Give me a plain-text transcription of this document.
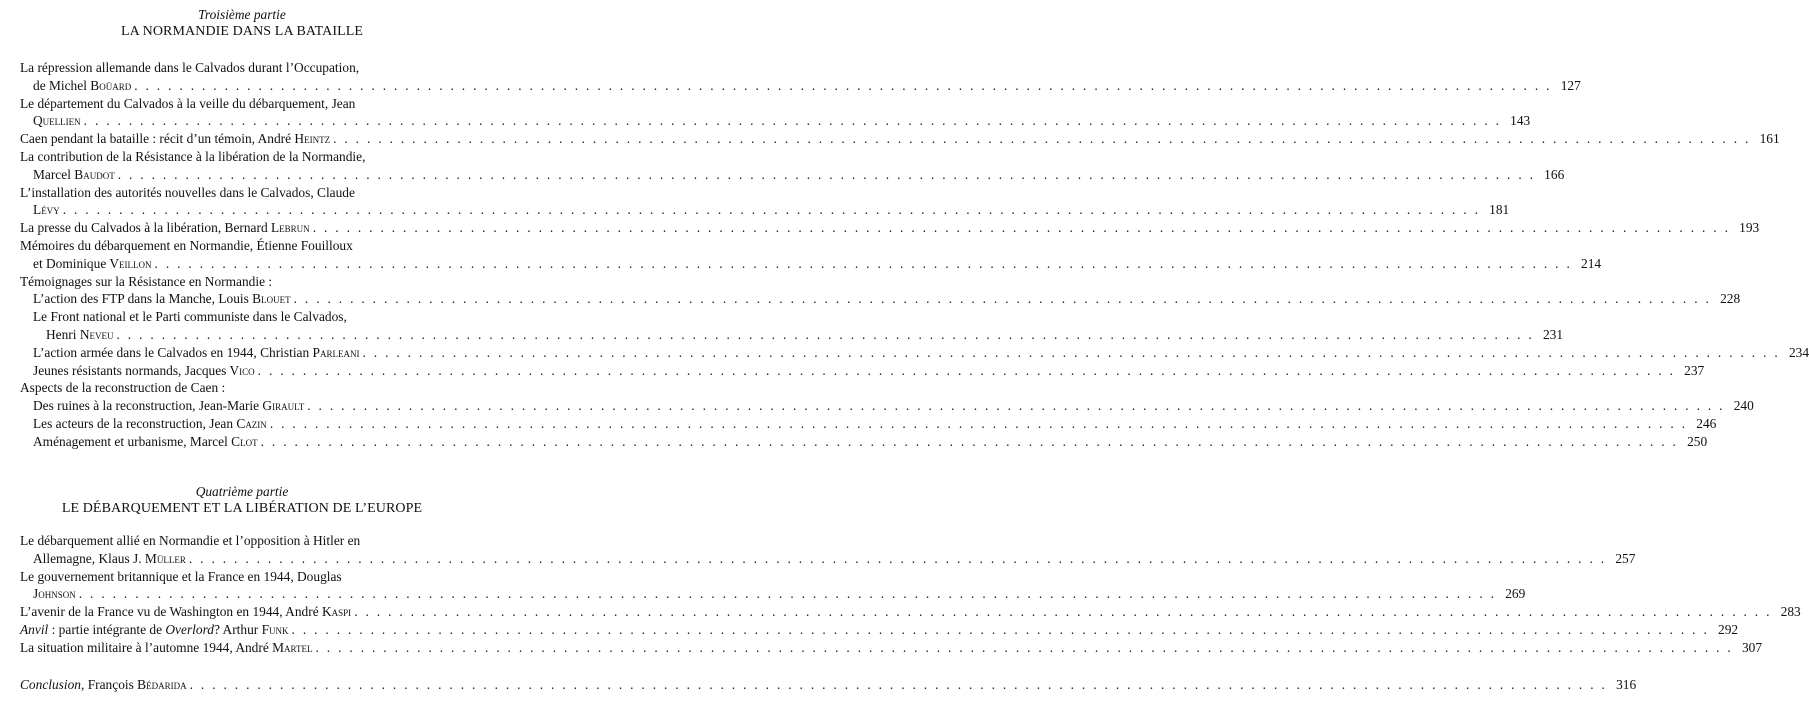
Troisième partie
LA NORMANDIE DANS LA BATAILLE
La répression allemande dans le Calvados durant l’Occupation,
de Michel Boüard . . .	127
Le département du Calvados à la veille du débarquement, Jean
Quellien . . .	143
Caen pendant la bataille : récit d’un témoin, André Heintz . . .	161
La contribution de la Résistance à la libération de la Normandie,
Marcel Baudot . . .	166
L’installation des autorités nouvelles dans le Calvados, Claude
Lévy . . .	181
La presse du Calvados à la libération, Bernard Lebrun . . .	193
Mémoires du débarquement en Normandie, Étienne Fouilloux
et Dominique Veillon . . .	214
Témoignages sur la Résistance en Normandie :
L’action des FTP dans la Manche, Louis Blouet . . .	228
Le Front national et le Parti communiste dans le Calvados,
Henri Neveu . . .	231
L’action armée dans le Calvados en 1944, Christian Parleani . . .	234
Jeunes résistants normands, Jacques Vico . . .	237
Aspects de la reconstruction de Caen :
Des ruines à la reconstruction, Jean-Marie Girault . . .	240
Les acteurs de la reconstruction, Jean Cazin . . .	246
Aménagement et urbanisme, Marcel Clot . . .	250
Quatrième partie
LE DÉBARQUEMENT ET LA LIBÉRATION DE L’EUROPE
Le débarquement allié en Normandie et l’opposition à Hitler en
Allemagne, Klaus J. Müller . . .	257
Le gouvernement britannique et la France en 1944, Douglas
Johnson . . .	269
L’avenir de la France vu de Washington en 1944, André Kaspi . . .	283
Anvil : partie intégrante de Overlord? Arthur Funk . . .	292
La situation militaire à l’automne 1944, André Martel . . .	307
Conclusion, François Bédarida . . .	316
